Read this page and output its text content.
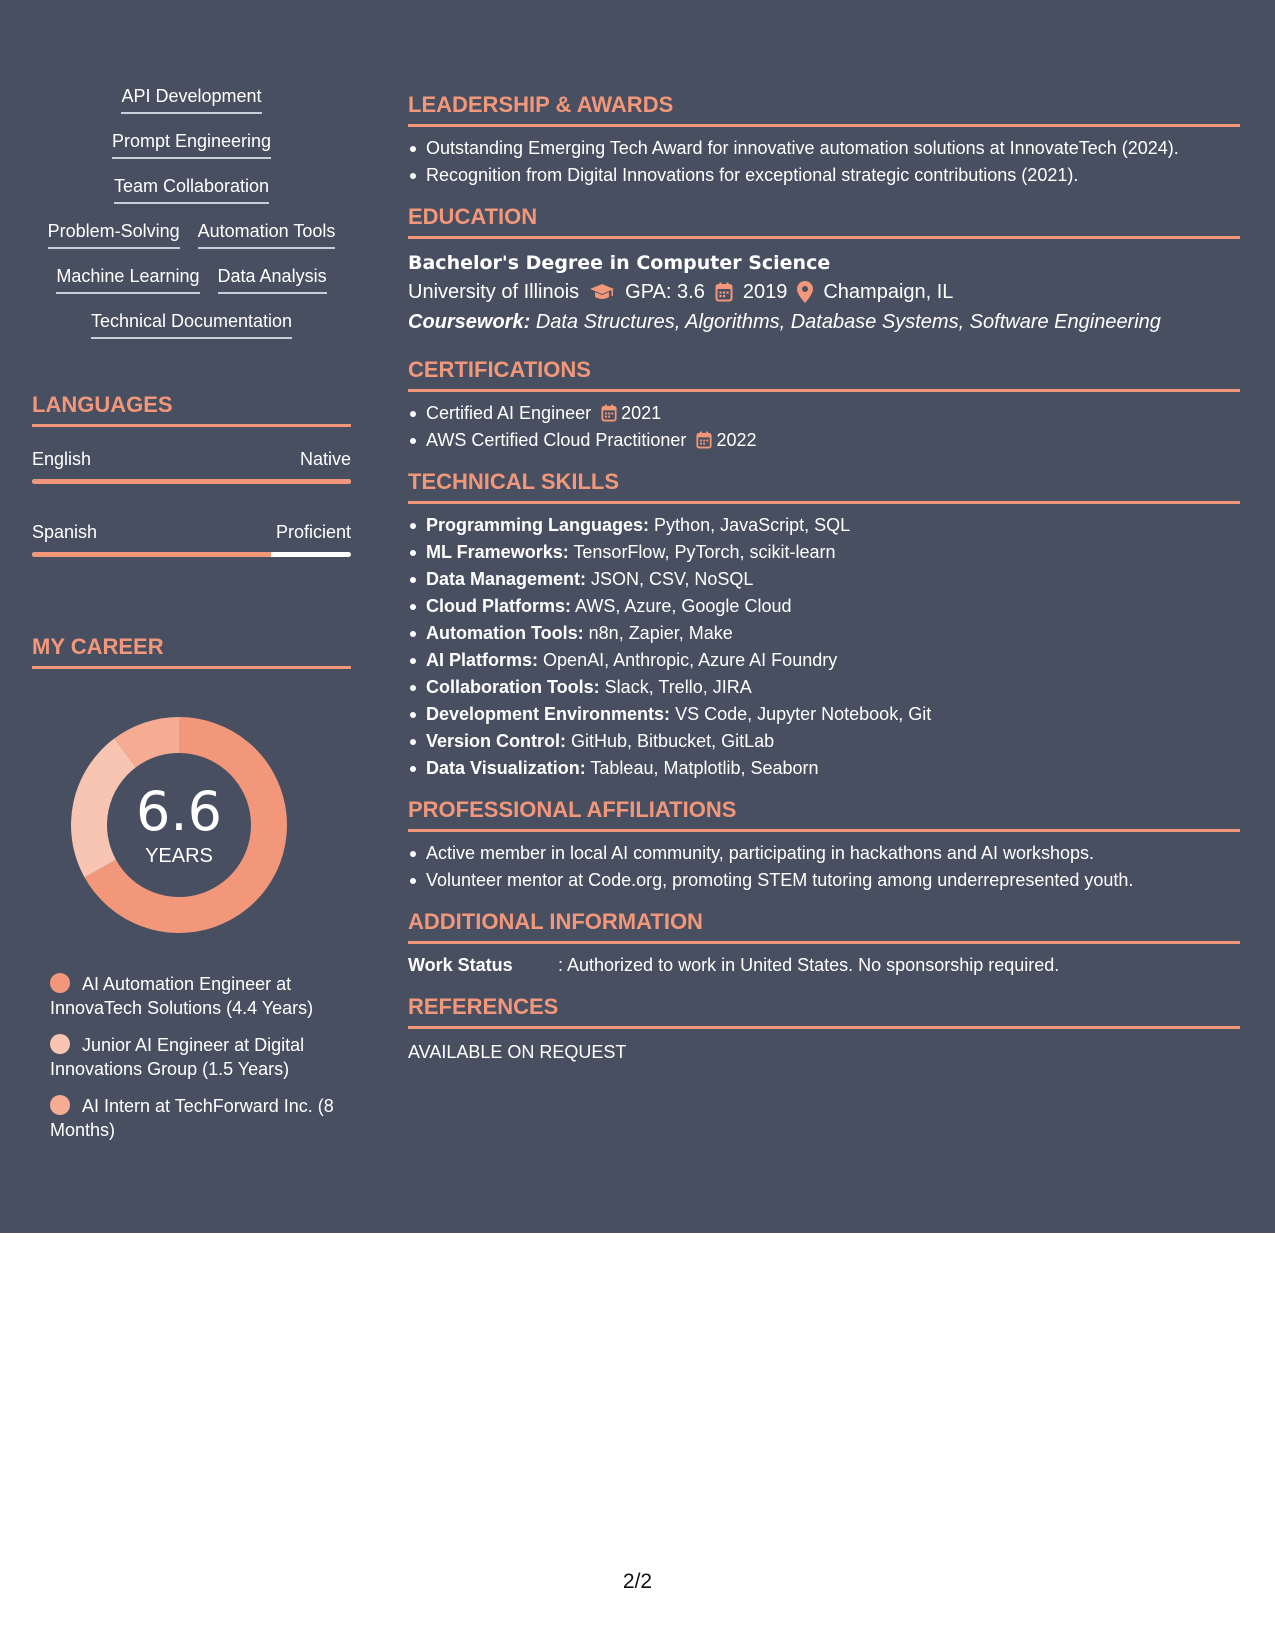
API Development
Prompt Engineering
Team Collaboration
Problem-Solving Automation Tools
Machine Learning Data Analysis
Technical Documentation
LANGUAGES
English	Native
Spanish	Proficient
MY CAREER
6.6
YEARS
AI Automation Engineer at InnovaTech Solutions (4.4 Years)
Junior AI Engineer at Digital Innovations Group (1.5 Years)
AI Intern at TechForward Inc. (8 Months)
LEADERSHIP & AWARDS
Outstanding Emerging Tech Award for innovative automation solutions at InnovateTech (2024).
Recognition from Digital Innovations for exceptional strategic contributions (2021).
EDUCATION
Bachelor's Degree in Computer Science
University of Illinois GPA: 3.6 2019 Champaign, IL
Coursework: Data Structures, Algorithms, Database Systems, Software Engineering
CERTIFICATIONS
Certified AI Engineer 2021
AWS Certified Cloud Practitioner 2022
TECHNICAL SKILLS
Programming Languages: Python, JavaScript, SQL
ML Frameworks: TensorFlow, PyTorch, scikit-learn
Data Management: JSON, CSV, NoSQL
Cloud Platforms: AWS, Azure, Google Cloud
Automation Tools: n8n, Zapier, Make
AI Platforms: OpenAI, Anthropic, Azure AI Foundry
Collaboration Tools: Slack, Trello, JIRA
Development Environments: VS Code, Jupyter Notebook, Git
Version Control: GitHub, Bitbucket, GitLab
Data Visualization: Tableau, Matplotlib, Seaborn
PROFESSIONAL AFFILIATIONS
Active member in local AI community, participating in hackathons and AI workshops.
Volunteer mentor at Code.org, promoting STEM tutoring among underrepresented youth.
ADDITIONAL INFORMATION
Work Status	: Authorized to work in United States. No sponsorship required.
REFERENCES
AVAILABLE ON REQUEST
2/2
